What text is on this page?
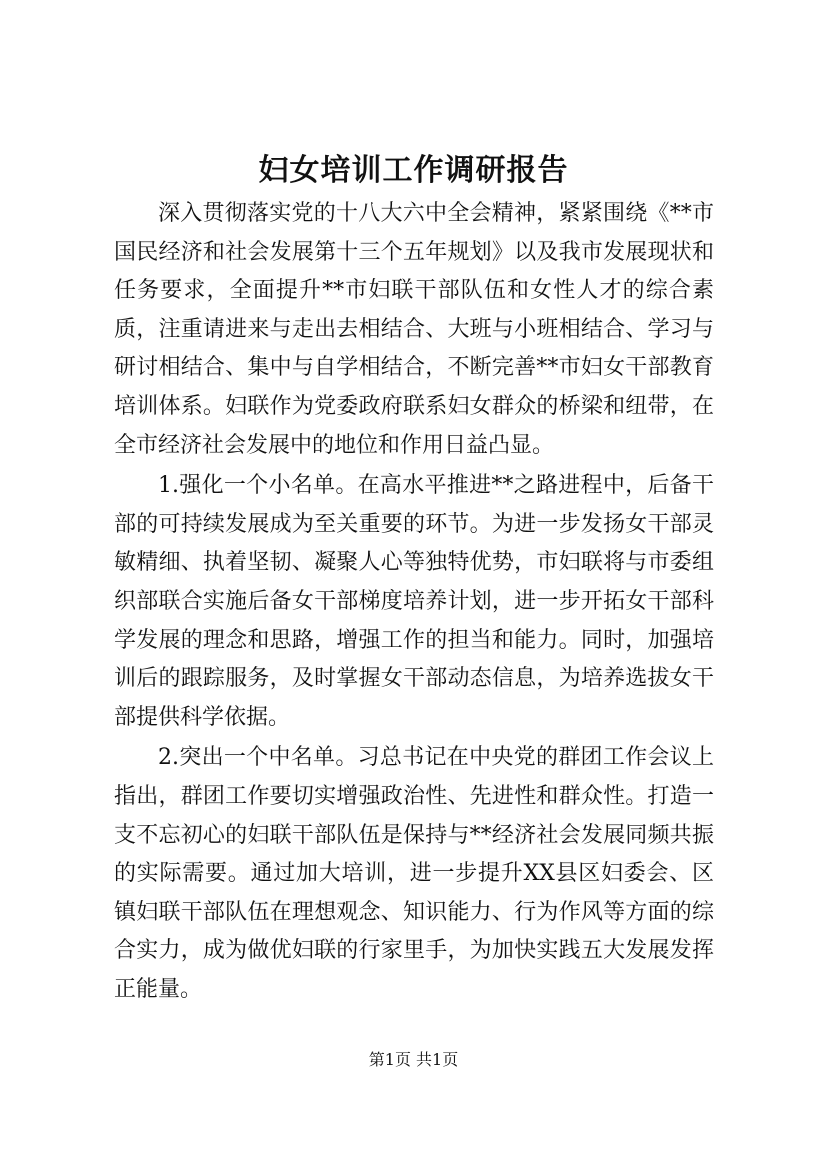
妇女培训工作调研报告

深入贯彻落实党的十八大六中全会精神，紧紧围绕《**市国民经济和社会发展第十三个五年规划》以及我市发展现状和任务要求，全面提升**市妇联干部队伍和女性人才的综合素质，注重请进来与走出去相结合、大班与小班相结合、学习与研讨相结合、集中与自学相结合，不断完善**市妇女干部教育培训体系。妇联作为党委政府联系妇女群众的桥梁和纽带，在全市经济社会发展中的地位和作用日益凸显。

1.强化一个小名单。在高水平推进**之路进程中，后备干部的可持续发展成为至关重要的环节。为进一步发扬女干部灵敏精细、执着坚韧、凝聚人心等独特优势，市妇联将与市委组织部联合实施后备女干部梯度培养计划，进一步开拓女干部科学发展的理念和思路，增强工作的担当和能力。同时，加强培训后的跟踪服务，及时掌握女干部动态信息，为培养选拔女干部提供科学依据。

2.突出一个中名单。习总书记在中央党的群团工作会议上指出，群团工作要切实增强政治性、先进性和群众性。打造一支不忘初心的妇联干部队伍是保持与**经济社会发展同频共振的实际需要。通过加大培训，进一步提升XX县区妇委会、区镇妇联干部队伍在理想观念、知识能力、行为作风等方面的综合实力，成为做优妇联的行家里手，为加快实践五大发展发挥正能量。

第1页 共1页
